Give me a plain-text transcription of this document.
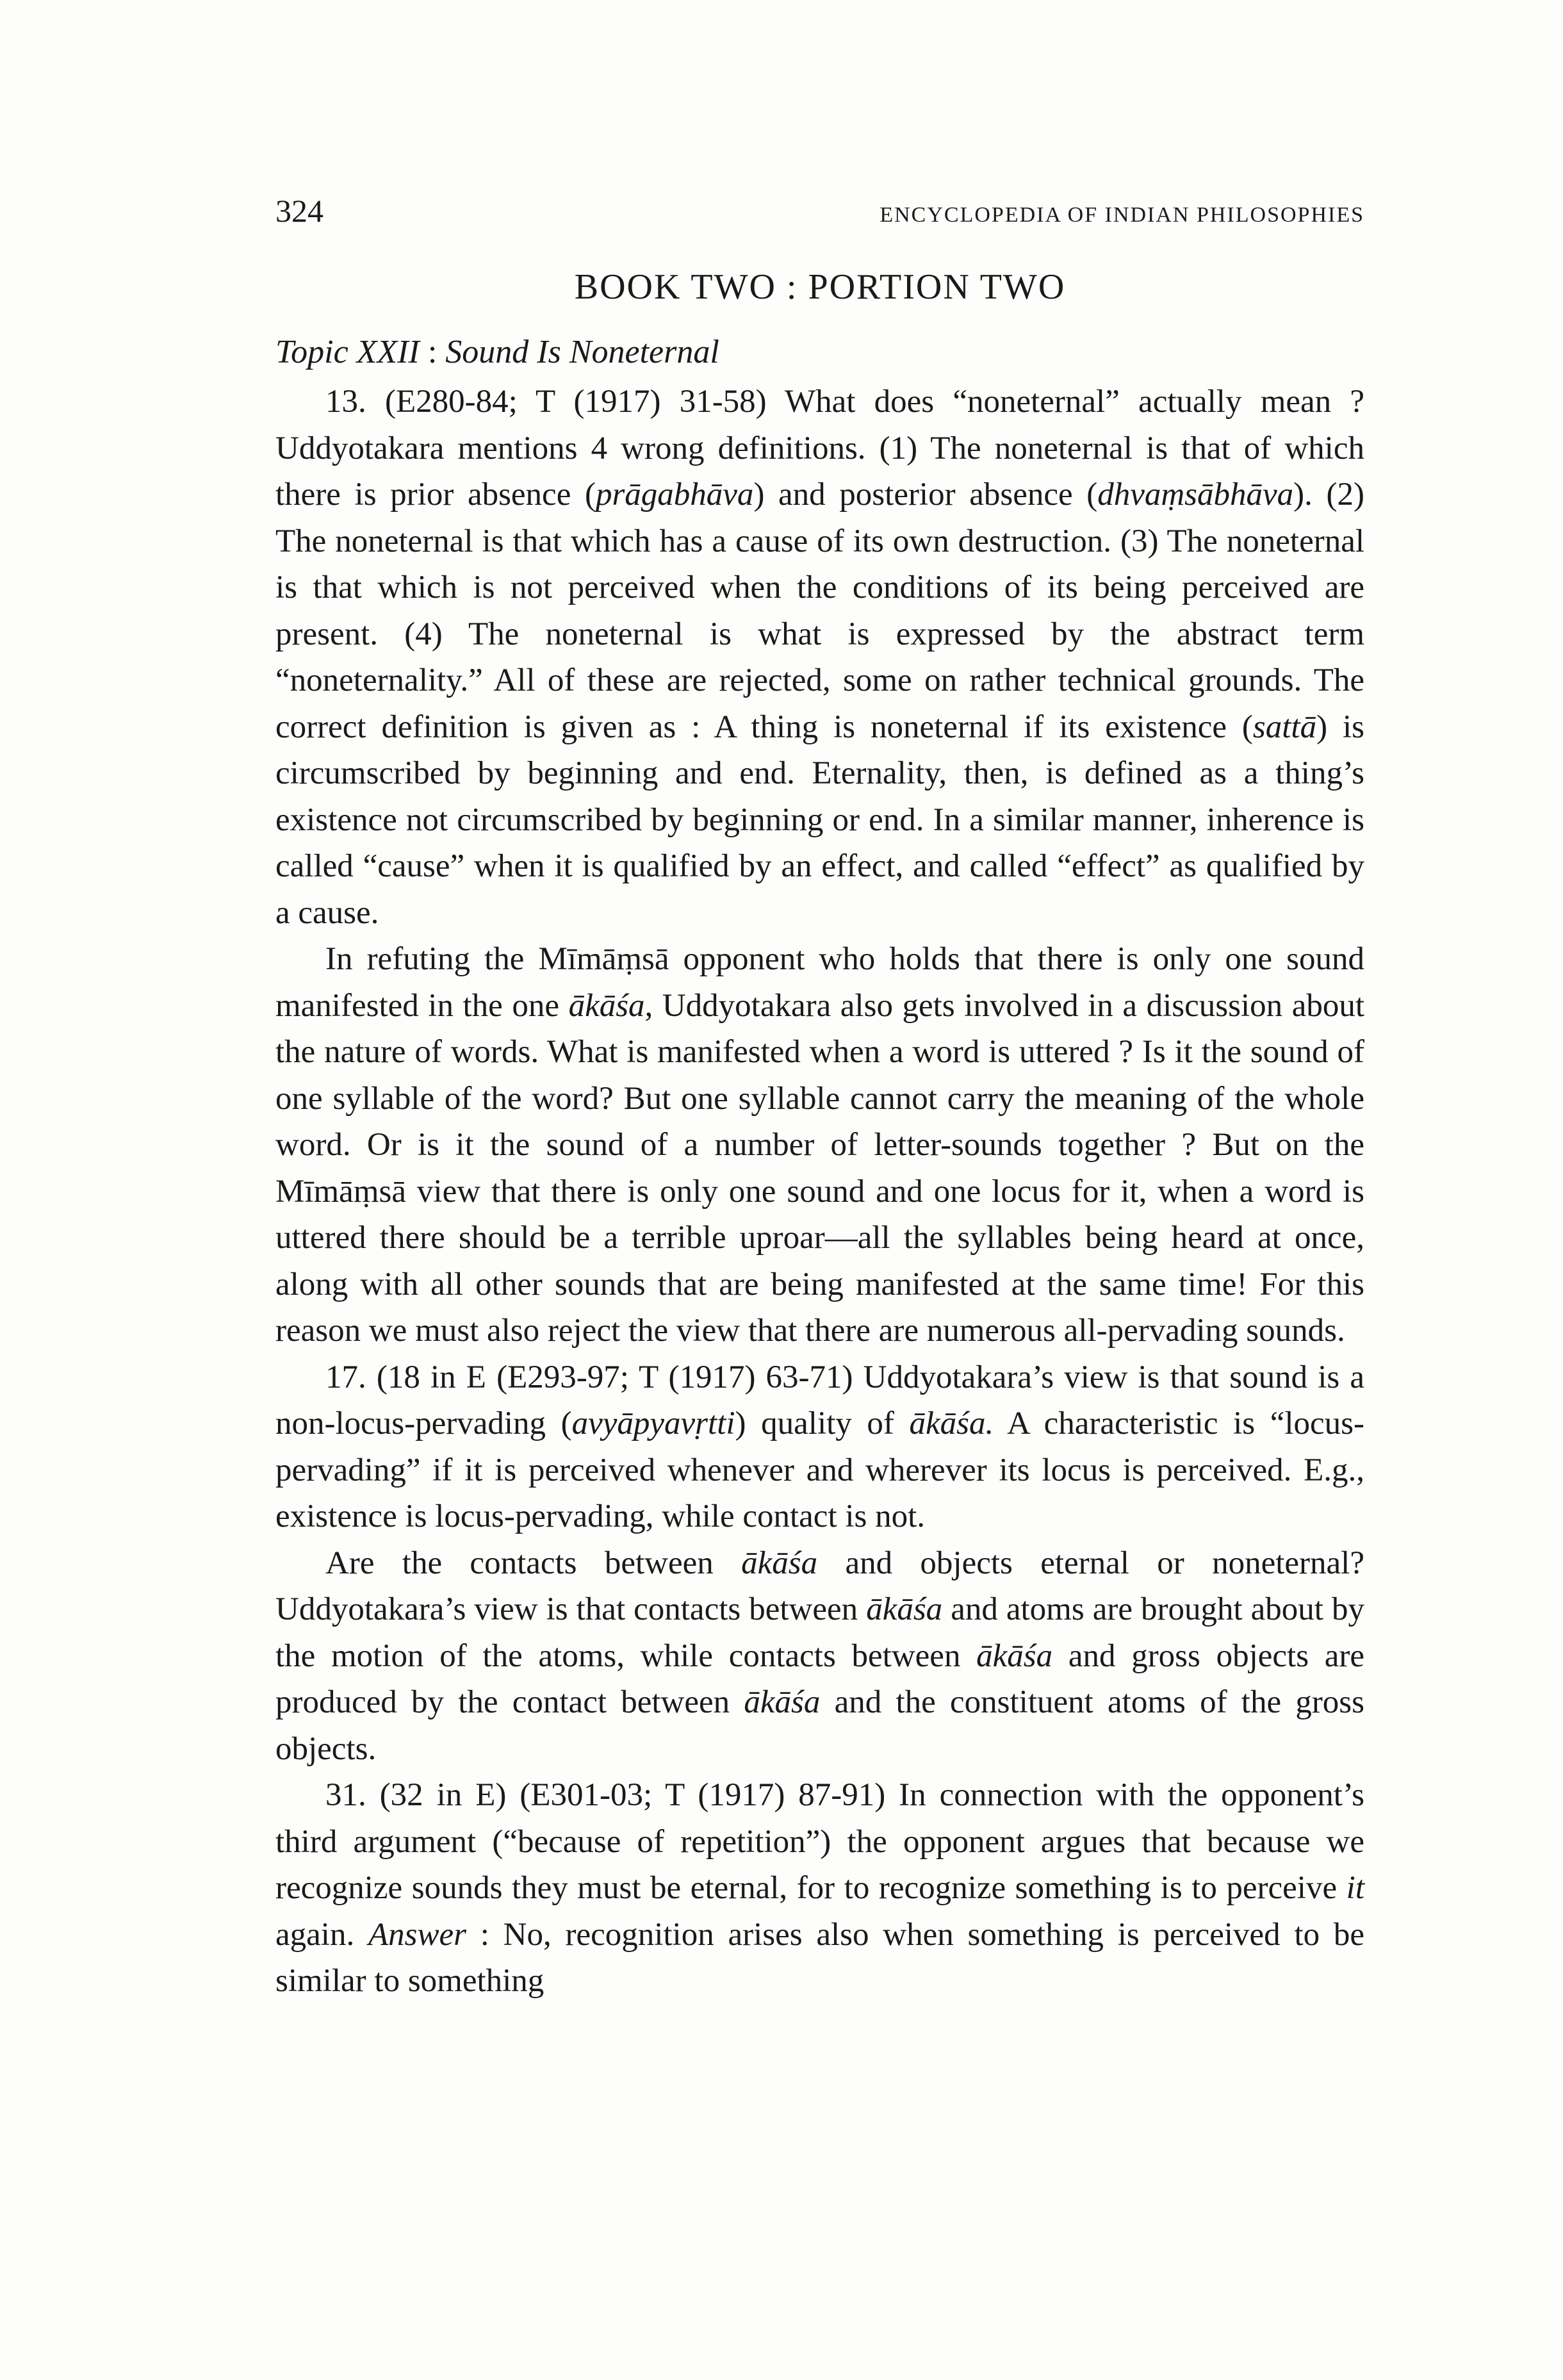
324	ENCYCLOPEDIA OF INDIAN PHILOSOPHIES
BOOK TWO : PORTION TWO

Topic XXII : Sound Is Noneternal

13. (E280-84; T (1917) 31-58) What does “noneternal” actually mean ? Uddyotakara mentions 4 wrong definitions. (1) The noneternal is that of which there is prior absence (prāgabhāva) and posterior absence (dhvaṃsābhāva). (2) The noneternal is that which has a cause of its own destruction. (3) The noneternal is that which is not perceived when the conditions of its being perceived are present. (4) The noneternal is what is expressed by the abstract term “noneternality.” All of these are rejected, some on rather technical grounds. The correct definition is given as : A thing is noneternal if its existence (sattā) is circumscribed by beginning and end. Eternality, then, is defined as a thing’s existence not circumscribed by beginning or end. In a similar manner, inherence is called “cause” when it is qualified by an effect, and called “effect” as qualified by a cause.

In refuting the Mīmāṃsā opponent who holds that there is only one sound manifested in the one ākāśa, Uddyotakara also gets involved in a discussion about the nature of words. What is manifested when a word is uttered ? Is it the sound of one syllable of the word? But one syllable cannot carry the meaning of the whole word. Or is it the sound of a number of letter-sounds together ? But on the Mīmāṃsā view that there is only one sound and one locus for it, when a word is uttered there should be a terrible uproar—all the syllables being heard at once, along with all other sounds that are being manifested at the same time! For this reason we must also reject the view that there are numerous all-pervading sounds.

17. (18 in E (E293-97; T (1917) 63-71) Uddyotakara’s view is that sound is a non-locus-pervading (avyāpyavṛtti) quality of ākāśa. A characteristic is “locus-pervading” if it is perceived whenever and wherever its locus is perceived. E.g., existence is locus-pervading, while contact is not.

Are the contacts between ākāśa and objects eternal or noneternal? Uddyotakara’s view is that contacts between ākāśa and atoms are brought about by the motion of the atoms, while contacts between ākāśa and gross objects are produced by the contact between ākāśa and the constituent atoms of the gross objects.

31. (32 in E) (E301-03; T (1917) 87-91) In connection with the opponent’s third argument (“because of repetition”) the opponent argues that because we recognize sounds they must be eternal, for to recognize something is to perceive it again. Answer : No, recognition arises also when something is perceived to be similar to something
